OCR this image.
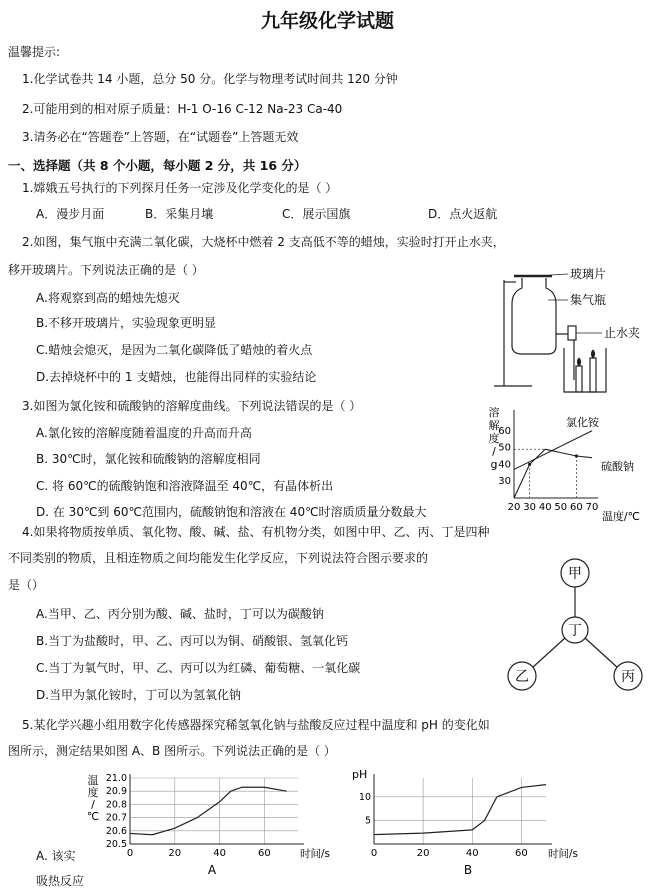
九年级化学试题
温馨提示:
1.化学试卷共 14 小题，总分 50 分。化学与物理考试时间共 120 分钟
2.可能用到的相对原子质量：H-1 O-16 C-12 Na-23 Ca-40
3.请务必在“答题卷”上答题，在“试题卷”上答题无效
一、选择题（共 8 个小题，每小题 2 分，共 16 分）
1.嫦娥五号执行的下列探月任务一定涉及化学变化的是（ ）
A．漫步月面	B．采集月壤	C．展示国旗	D．点火返航
2.如图，集气瓶中充满二氧化碳，大烧杯中燃着 2 支高低不等的蜡烛，实验时打开止水夹，
移开玻璃片。下列说法正确的是（ ）
A.将观察到高的蜡烛先熄灭
B.不移开玻璃片，实验现象更明显
C.蜡烛会熄灭，是因为二氧化碳降低了蜡烛的着火点
D.去掉烧杯中的 1 支蜡烛，也能得出同样的实验结论
玻璃片
集气瓶
止水夹
3.如图为氯化铵和硫酸钠的溶解度曲线。下列说法错误的是（ ）
A.氯化铵的溶解度随着温度的升高而升高
B. 30℃时，氯化铵和硫酸钠的溶解度相同
C. 将 60℃的硫酸钠饱和溶液降温至 40℃，有晶体析出
D. 在 30℃到 60℃范围内，硫酸钠饱和溶液在 40℃时溶质质量分数最大	20 30 40 50 60 70
30
40
50
60
溶
解
度
/
g
温度/℃
氯化铵
硫酸钠
4.如果将物质按单质、氧化物、酸、碱、盐、有机物分类，如图中甲、乙、丙、丁是四种
不同类别的物质，且相连物质之间均能发生化学反应，下列说法符合图示要求的
是（）
A.当甲、乙、丙分别为酸、碱、盐时，丁可以为碳酸钠
B.当丁为盐酸时，甲、乙、丙可以为铜、硝酸银、氢氧化钙
C.当丁为氧气时，甲、乙、丙可以为红磷、葡萄糖、一氧化碳
D.当甲为氯化铵时，丁可以为氢氧化钠
甲
丁
乙	丙
5.某化学兴趣小组用数字化传感器探究稀氢氧化钠与盐酸反应过程中温度和 pH 的变化如
图所示，测定结果如图 A、B 图所示。下列说法正确的是（ ）
A. 该实
吸热反应
0	20	40	60
20.5
20.6
20.7
20.8
20.9
21.0
时间/s
温
度
/
℃
A
0	20	40	60
5
10
时间/s
pH
B
